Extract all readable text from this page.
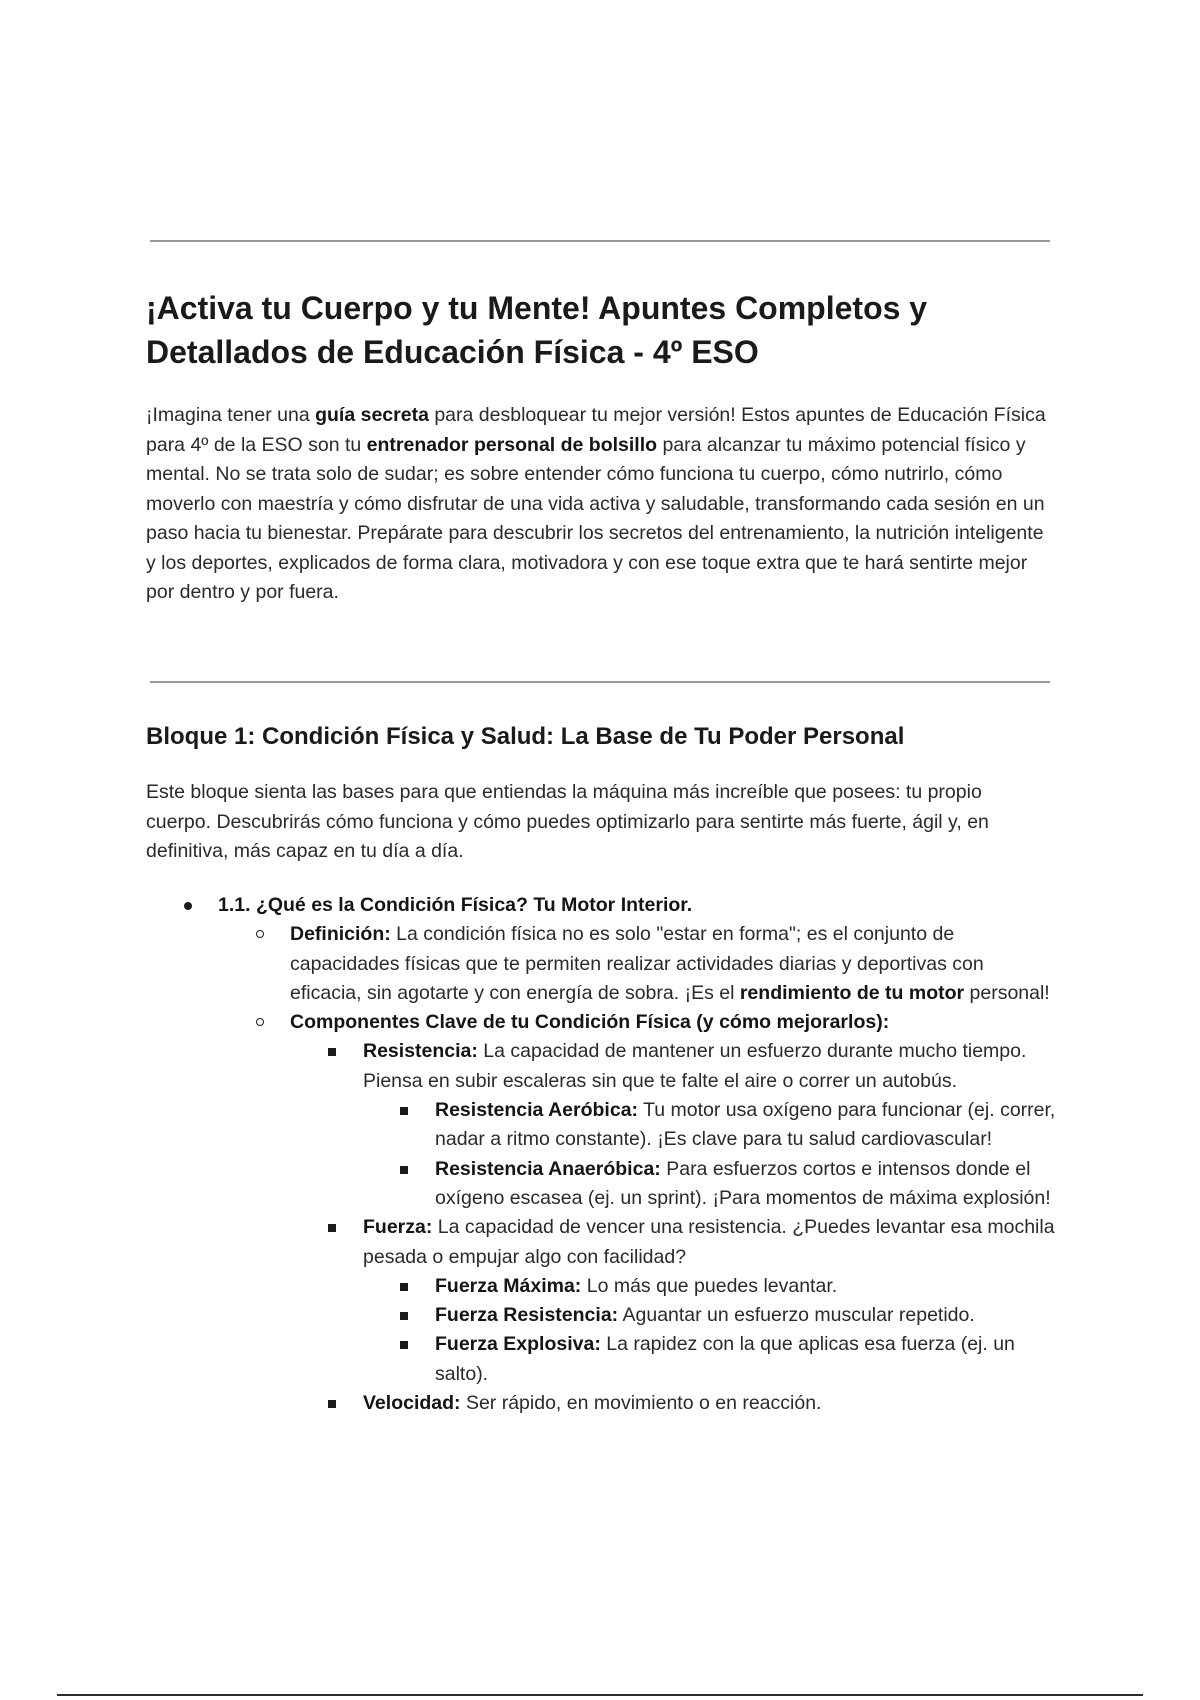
¡Activa tu Cuerpo y tu Mente! Apuntes Completos y Detallados de Educación Física - 4º ESO

¡Imagina tener una guía secreta para desbloquear tu mejor versión! Estos apuntes de Educación Física para 4º de la ESO son tu entrenador personal de bolsillo para alcanzar tu máximo potencial físico y mental. No se trata solo de sudar; es sobre entender cómo funciona tu cuerpo, cómo nutrirlo, cómo moverlo con maestría y cómo disfrutar de una vida activa y saludable, transformando cada sesión en un paso hacia tu bienestar. Prepárate para descubrir los secretos del entrenamiento, la nutrición inteligente y los deportes, explicados de forma clara, motivadora y con ese toque extra que te hará sentirte mejor por dentro y por fuera.

Bloque 1: Condición Física y Salud: La Base de Tu Poder Personal

Este bloque sienta las bases para que entiendas la máquina más increíble que posees: tu propio cuerpo. Descubrirás cómo funciona y cómo puedes optimizarlo para sentirte más fuerte, ágil y, en definitiva, más capaz en tu día a día.

1.1. ¿Qué es la Condición Física? Tu Motor Interior.
Definición: La condición física no es solo "estar en forma"; es el conjunto de capacidades físicas que te permiten realizar actividades diarias y deportivas con eficacia, sin agotarte y con energía de sobra. ¡Es el rendimiento de tu motor personal!
Componentes Clave de tu Condición Física (y cómo mejorarlos):
Resistencia: La capacidad de mantener un esfuerzo durante mucho tiempo. Piensa en subir escaleras sin que te falte el aire o correr un autobús.
Resistencia Aeróbica: Tu motor usa oxígeno para funcionar (ej. correr, nadar a ritmo constante). ¡Es clave para tu salud cardiovascular!
Resistencia Anaeróbica: Para esfuerzos cortos e intensos donde el oxígeno escasea (ej. un sprint). ¡Para momentos de máxima explosión!
Fuerza: La capacidad de vencer una resistencia. ¿Puedes levantar esa mochila pesada o empujar algo con facilidad?
Fuerza Máxima: Lo más que puedes levantar.
Fuerza Resistencia: Aguantar un esfuerzo muscular repetido.
Fuerza Explosiva: La rapidez con la que aplicas esa fuerza (ej. un salto).
Velocidad: Ser rápido, en movimiento o en reacción.
